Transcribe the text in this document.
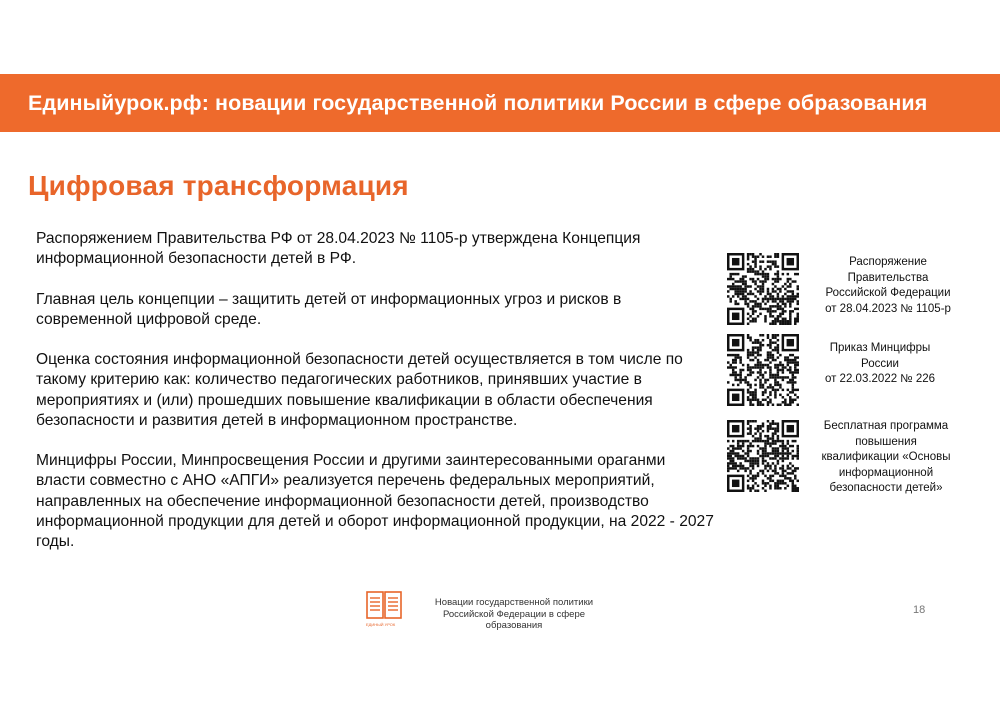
Единыйурок.рф: новации государственной политики России в сфере образования
Цифровая трансформация

Распоряжением Правительства РФ от 28.04.2023 № 1105-р утверждена Концепция информационной безопасности детей в РФ.

Главная цель концепции – защитить детей от информационных угроз и рисков в современной цифровой среде.

Оценка состояния информационной безопасности детей осуществляется в том числе по такому критерию как: количество педагогических работников, принявших участие в мероприятиях и (или) прошедших повышение квалификации в области обеспечения безопасности и развития детей в информационном пространстве.

Минцифры России, Минпросвещения России и другими заинтересованными ораганми власти совместно с АНО «АПГИ» реализуется перечень федеральных мероприятий, направленных на обеспечение информационной безопасности детей, производство информационной продукции для детей и оборот информационной продукции, на 2022 - 2027 годы.

Распоряжение
Правительства
Российской Федерации
от 28.04.2023 № 1105-р
Приказ Минцифры
России
от 22.03.2022 № 226
Бесплатная программа
повышения
квалификации «Основы
информационной
безопасности детей»
ЕДИНЫЙ УРОК
Новации государственной политики
Российской Федерации в сфере образования
18
